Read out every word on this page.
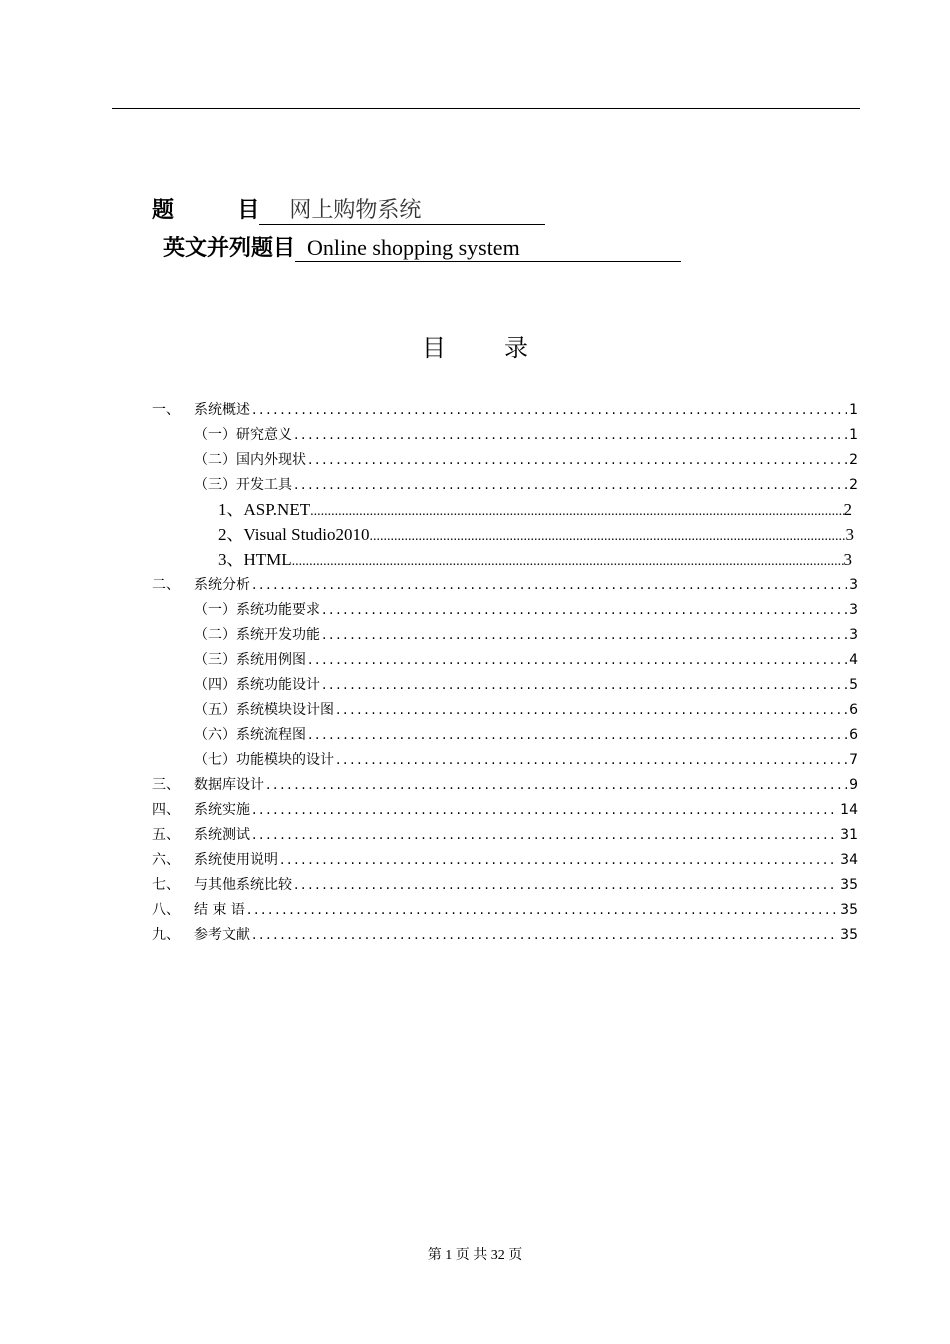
题  目 网上购物系统
英文并列题目 Online shopping system
目录
一、	系统概述 .....	1
（一）研究意义 .....	1
（二）国内外现状 .....	2
（三）开发工具 .....	2
1、ASP.NET .....	2
2、Visual Studio2010 .....	3
3、HTML .....	3
二、	系统分析 .....	3
（一）系统功能要求 .....	3
（二）系统开发功能 .....	3
（三）系统用例图 .....	4
（四）系统功能设计 .....	5
（五）系统模块设计图 .....	6
（六）系统流程图 .....	6
（七）功能模块的设计 .....	7
三、	数据库设计 .....	9
四、	系统实施 .....	14
五、	系统测试 .....	31
六、	系统使用说明 .....	34
七、	与其他系统比较 .....	35
八、	结 束 语 .....	35
九、	参考文献 .....	35
第 1 页 共 32 页
